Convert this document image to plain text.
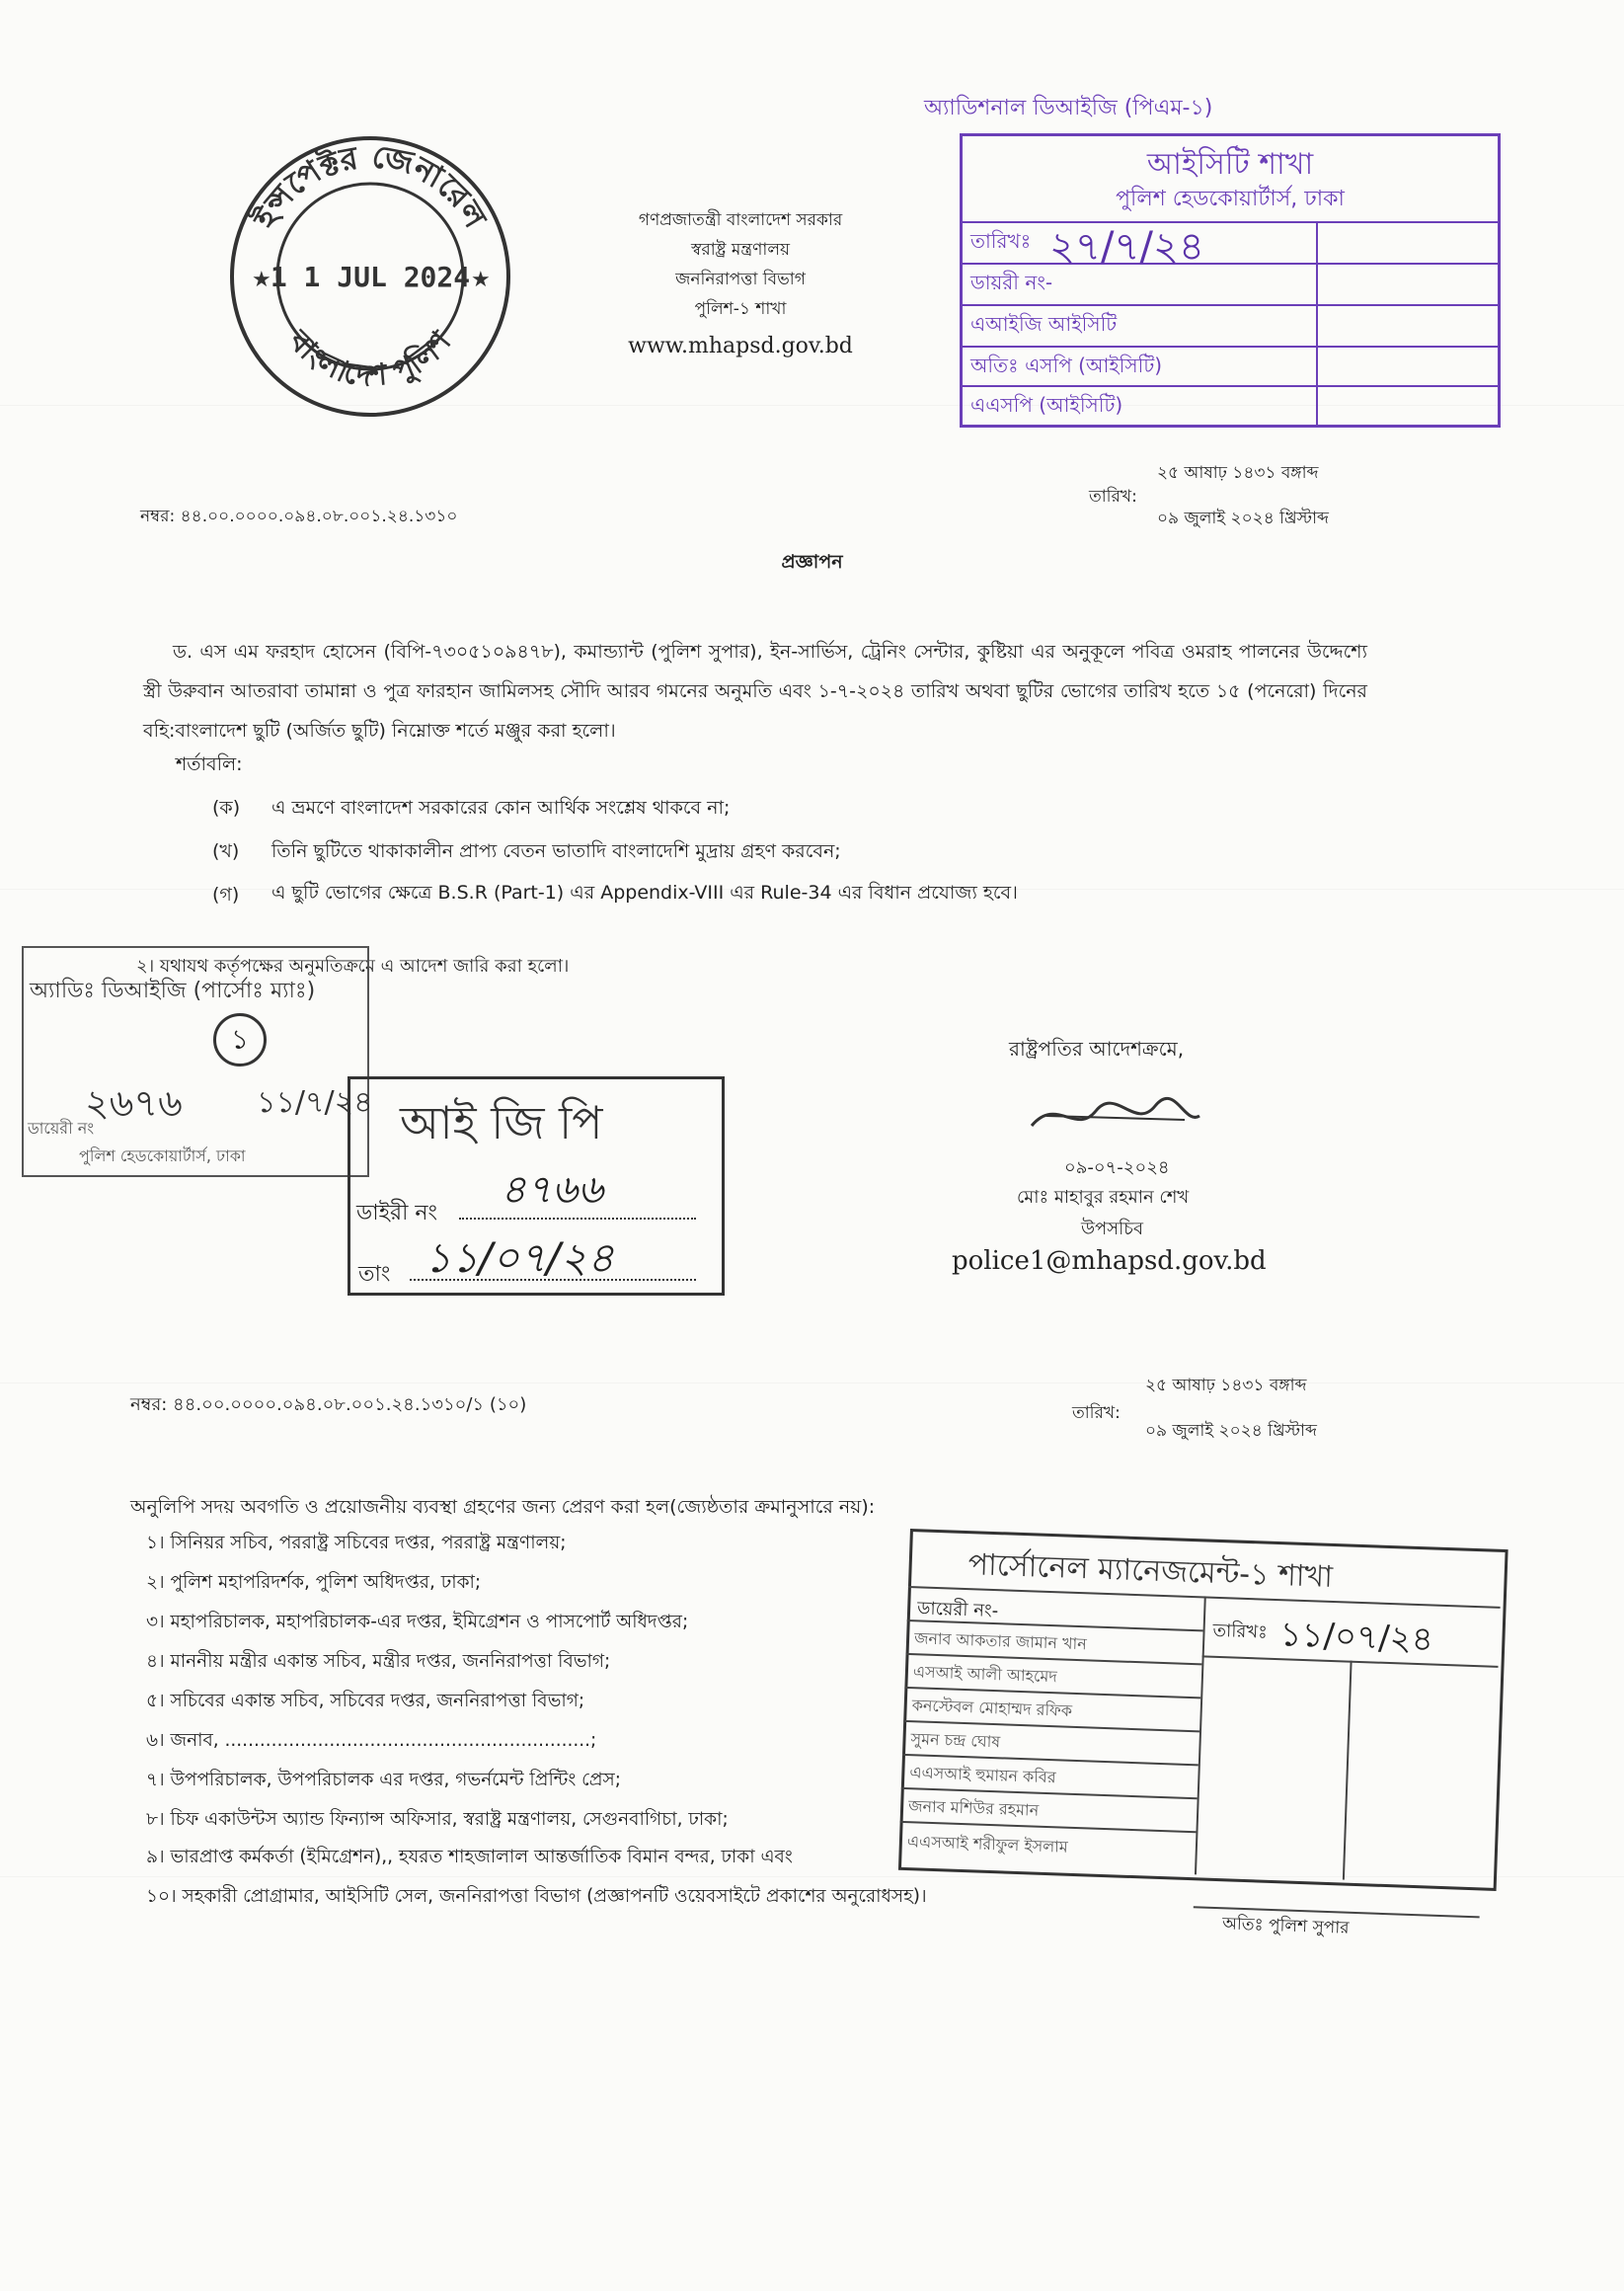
ইন্সপেক্টর জেনারেল
বাংলাদেশ পুলিশ
1 1 JUL 2024
★	★
গণপ্রজাতন্ত্রী বাংলাদেশ সরকার
স্বরাষ্ট্র মন্ত্রণালয়
জননিরাপত্তা বিভাগ
পুলিশ-১ শাখা
www.mhapsd.gov.bd
অ্যাডিশনাল ডিআইজি (পিএম-১)
আইসিটি শাখা
পুলিশ হেডকোয়ার্টার্স, ঢাকা
তারিখঃ ২৭/৭/২৪
ডায়রী নং-
এআইজি আইসিটি
অতিঃ এসপি (আইসিটি)
এএসপি (আইসিটি)
নম্বর: ৪৪.০০.০০০০.০৯৪.০৮.০০১.২৪.১৩১০
তারিখ:
২৫ আষাঢ় ১৪৩১ বঙ্গাব্দ
০৯ জুলাই ২০২৪ খ্রিস্টাব্দ
প্রজ্ঞাপন
ড. এস এম ফরহাদ হোসেন (বিপি-৭৩০৫১০৯৪৭৮), কমান্ড্যান্ট (পুলিশ সুপার), ইন-সার্ভিস, ট্রেনিং সেন্টার, কুষ্টিয়া এর অনুকূলে পবিত্র ওমরাহ পালনের উদ্দেশ্যে স্ত্রী উরুবান আতরাবা তামান্না ও পুত্র ফারহান জামিলসহ সৌদি আরব গমনের অনুমতি এবং ১-৭-২০২৪ তারিখ অথবা ছুটির ভোগের তারিখ হতে ১৫ (পনেরো) দিনের বহি:বাংলাদেশ ছুটি (অর্জিত ছুটি) নিম্নোক্ত শর্তে মঞ্জুর করা হলো।
শর্তাবলি:
(ক) এ ভ্রমণে বাংলাদেশ সরকারের কোন আর্থিক সংশ্লেষ থাকবে না;
(খ) তিনি ছুটিতে থাকাকালীন প্রাপ্য বেতন ভাতাদি বাংলাদেশি মুদ্রায় গ্রহণ করবেন;
(গ) এ ছুটি ভোগের ক্ষেত্রে B.S.R (Part-1) এর Appendix-VIII এর Rule-34 এর বিধান প্রযোজ্য হবে।
২। যথাযথ কর্তৃপক্ষের অনুমতিক্রমে এ আদেশ জারি করা হলো।
অ্যাডিঃ ডিআইজি (পার্সোঃ ম্যাঃ)
১
ডায়েরী নং
২৬৭৬	১১/৭/২৪
পুলিশ হেডকোয়ার্টার্স, ঢাকা
আই জি পি
ডাইরী নং
৪৭৬৬
তাং ১১/০৭/২৪
রাষ্ট্রপতির আদেশক্রমে,
০৯-০৭-২০২৪
মোঃ মাহাবুর রহমান শেখ
উপসচিব
police1@mhapsd.gov.bd
নম্বর: ৪৪.০০.০০০০.০৯৪.০৮.০০১.২৪.১৩১০/১ (১০)	তারিখ:
২৫ আষাঢ় ১৪৩১ বঙ্গাব্দ
০৯ জুলাই ২০২৪ খ্রিস্টাব্দ
অনুলিপি সদয় অবগতি ও প্রয়োজনীয় ব্যবস্থা গ্রহণের জন্য প্রেরণ করা হল(জ্যেষ্ঠতার ক্রমানুসারে নয়):
১। সিনিয়র সচিব, পররাষ্ট্র সচিবের দপ্তর, পররাষ্ট্র মন্ত্রণালয়;
২। পুলিশ মহাপরিদর্শক, পুলিশ অধিদপ্তর, ঢাকা;
৩। মহাপরিচালক, মহাপরিচালক-এর দপ্তর, ইমিগ্রেশন ও পাসপোর্ট অধিদপ্তর;
৪। মাননীয় মন্ত্রীর একান্ত সচিব, মন্ত্রীর দপ্তর, জননিরাপত্তা বিভাগ;
৫। সচিবের একান্ত সচিব, সচিবের দপ্তর, জননিরাপত্তা বিভাগ;
৬। জনাব, ...............................................................;
৭। উপপরিচালক, উপপরিচালক এর দপ্তর, গভর্নমেন্ট প্রিন্টিং প্রেস;
৮। চিফ একাউন্টস অ্যান্ড ফিন্যান্স অফিসার, স্বরাষ্ট্র মন্ত্রণালয়, সেগুনবাগিচা, ঢাকা;
৯। ভারপ্রাপ্ত কর্মকর্তা (ইমিগ্রেশন),, হযরত শাহজালাল আন্তর্জাতিক বিমান বন্দর, ঢাকা এবং
১০। সহকারী প্রোগ্রামার, আইসিটি সেল, জননিরাপত্তা বিভাগ (প্রজ্ঞাপনটি ওয়েবসাইটে প্রকাশের অনুরোধসহ)।
পার্সোনেল ম্যানেজমেন্ট-১ শাখা
ডায়েরী নং-
তারিখঃ ১১/০৭/২৪
জনাব আকতার জামান খান
এসআই আলী আহমেদ
কনস্টেবল মোহাম্মদ রফিক
সুমন চন্দ্র ঘোষ
এএসআই হুমায়ন কবির
জনাব মশিউর রহমান
এএসআই শরীফুল ইসলাম
অতিঃ পুলিশ সুপার
